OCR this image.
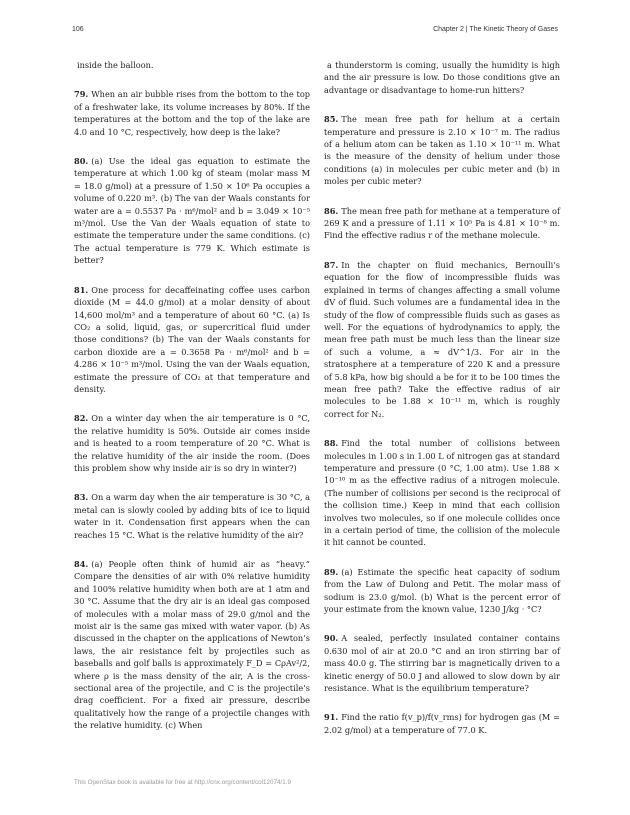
106	Chapter 2 | The Kinetic Theory of Gases

inside the balloon.

79. When an air bubble rises from the bottom to the top of a freshwater lake, its volume increases by 80%. If the temperatures at the bottom and the top of the lake are 4.0 and 10 °C, respectively, how deep is the lake?

80. (a) Use the ideal gas equation to estimate the temperature at which 1.00 kg of steam (molar mass M = 18.0 g/mol) at a pressure of 1.50 × 10⁶ Pa occupies a volume of 0.220 m³. (b) The van der Waals constants for water are a = 0.5537 Pa · m⁶/mol² and b = 3.049 × 10⁻⁵ m³/mol. Use the Van der Waals equation of state to estimate the temperature under the same conditions. (c) The actual temperature is 779 K. Which estimate is better?

81. One process for decaffeinating coffee uses carbon dioxide (M = 44.0 g/mol) at a molar density of about 14,600 mol/m³ and a temperature of about 60 °C. (a) Is CO₂ a solid, liquid, gas, or supercritical fluid under those conditions? (b) The van der Waals constants for carbon dioxide are a = 0.3658 Pa · m⁶/mol² and b = 4.286 × 10⁻⁵ m³/mol. Using the van der Waals equation, estimate the pressure of CO₂ at that temperature and density.

82. On a winter day when the air temperature is 0 °C, the relative humidity is 50%. Outside air comes inside and is heated to a room temperature of 20 °C. What is the relative humidity of the air inside the room. (Does this problem show why inside air is so dry in winter?)

83. On a warm day when the air temperature is 30 °C, a metal can is slowly cooled by adding bits of ice to liquid water in it. Condensation first appears when the can reaches 15 °C. What is the relative humidity of the air?

84. (a) People often think of humid air as “heavy.” Compare the densities of air with 0% relative humidity and 100% relative humidity when both are at 1 atm and 30 °C. Assume that the dry air is an ideal gas composed of molecules with a molar mass of 29.0 g/mol and the moist air is the same gas mixed with water vapor. (b) As discussed in the chapter on the applications of Newton’s laws, the air resistance felt by projectiles such as baseballs and golf balls is approximately F_D = CρAv²/2, where ρ is the mass density of the air, A is the cross-sectional area of the projectile, and C is the projectile’s drag coefficient. For a fixed air pressure, describe qualitatively how the range of a projectile changes with the relative humidity. (c) When

a thunderstorm is coming, usually the humidity is high and the air pressure is low. Do those conditions give an advantage or disadvantage to home-run hitters?

85. The mean free path for helium at a certain temperature and pressure is 2.10 × 10⁻⁷ m. The radius of a helium atom can be taken as 1.10 × 10⁻¹¹ m. What is the measure of the density of helium under those conditions (a) in molecules per cubic meter and (b) in moles per cubic meter?

86. The mean free path for methane at a temperature of 269 K and a pressure of 1.11 × 10⁵ Pa is 4.81 × 10⁻⁸ m. Find the effective radius r of the methane molecule.

87. In the chapter on fluid mechanics, Bernoulli’s equation for the flow of incompressible fluids was explained in terms of changes affecting a small volume dV of fluid. Such volumes are a fundamental idea in the study of the flow of compressible fluids such as gases as well. For the equations of hydrodynamics to apply, the mean free path must be much less than the linear size of such a volume, a ≈ dV^1/3. For air in the stratosphere at a temperature of 220 K and a pressure of 5.8 kPa, how big should a be for it to be 100 times the mean free path? Take the effective radius of air molecules to be 1.88 × 10⁻¹¹ m, which is roughly correct for N₂.

88. Find the total number of collisions between molecules in 1.00 s in 1.00 L of nitrogen gas at standard temperature and pressure (0 °C, 1.00 atm). Use 1.88 × 10⁻¹⁰ m as the effective radius of a nitrogen molecule. (The number of collisions per second is the reciprocal of the collision time.) Keep in mind that each collision involves two molecules, so if one molecule collides once in a certain period of time, the collision of the molecule it hit cannot be counted.

89. (a) Estimate the specific heat capacity of sodium from the Law of Dulong and Petit. The molar mass of sodium is 23.0 g/mol. (b) What is the percent error of your estimate from the known value, 1230 J/kg · °C?

90. A sealed, perfectly insulated container contains 0.630 mol of air at 20.0 °C and an iron stirring bar of mass 40.0 g. The stirring bar is magnetically driven to a kinetic energy of 50.0 J and allowed to slow down by air resistance. What is the equilibrium temperature?

91. Find the ratio f(v_p)/f(v_rms) for hydrogen gas (M = 2.02 g/mol) at a temperature of 77.0 K.

This OpenStax book is available for free at http://cnx.org/content/col12074/1.9
